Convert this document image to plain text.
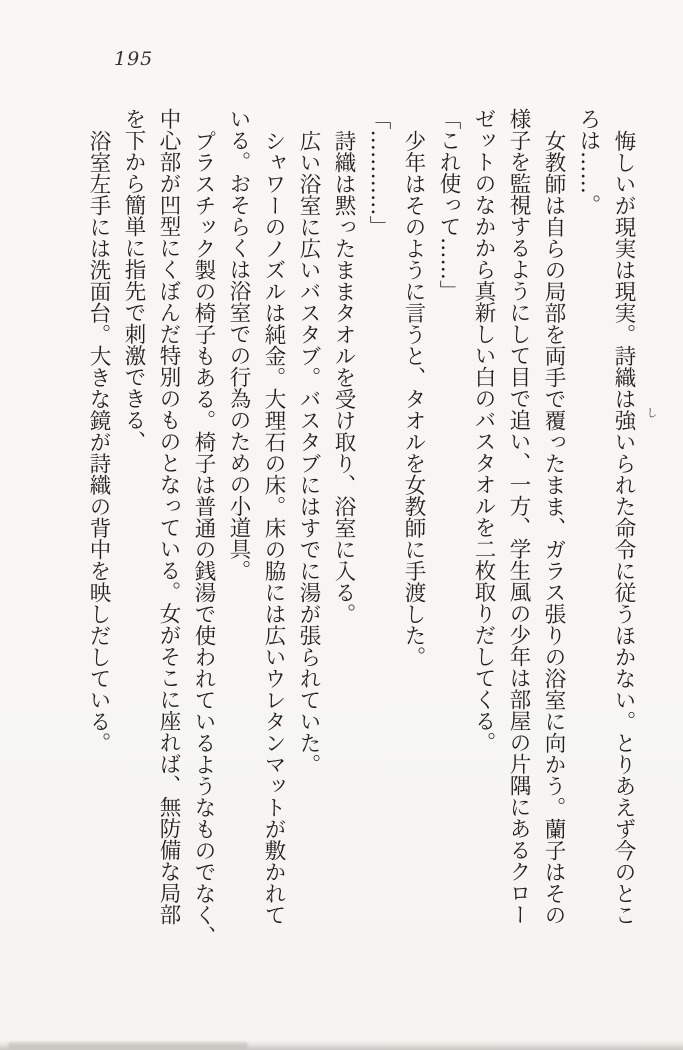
195
悔しいが現実は現実。詩織は強いられた命令に従うほかない。とりあえず今のとこ
ろは……。
女教師は自らの局部を両手で覆ったまま、ガラス張りの浴室に向かう。蘭子はその
様子を監視するようにして目で追い、一方、学生風の少年は部屋の片隅にあるクロー
ゼットのなかから真新しい白のバスタオルを二枚取りだしてくる。
「これ使って……」
少年はそのように言うと、タオルを女教師に手渡した。
「…………」
詩織は黙ったままタオルを受け取り、浴室に入る。
広い浴室に広いバスタブ。バスタブにはすでに湯が張られていた。
シャワーのノズルは純金。大理石の床。床の脇には広いウレタンマットが敷かれて
いる。おそらくは浴室での行為のための小道具。
プラスチック製の椅子もある。椅子は普通の銭湯で使われているようなものでなく、
中心部が凹型にくぼんだ特別のものとなっている。女がそこに座れば、無防備な局部
を下から簡単に指先で刺激できる、
浴室左手には洗面台。大きな鏡が詩織の背中を映しだしている。	し
